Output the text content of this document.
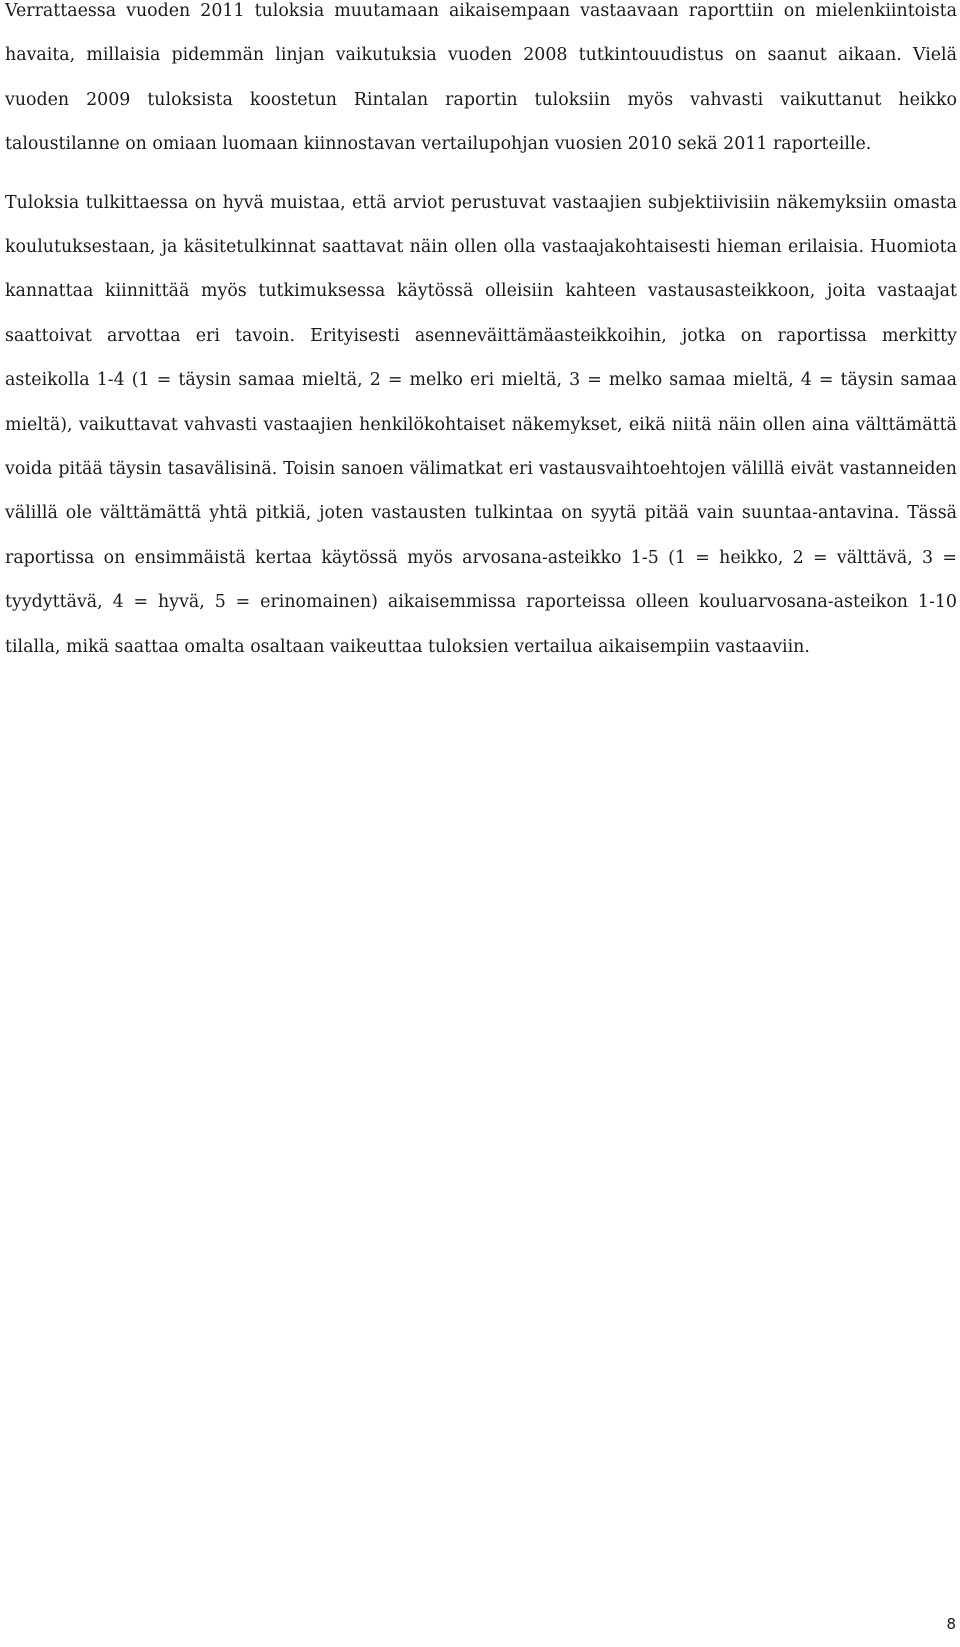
Verrattaessa vuoden 2011 tuloksia muutamaan aikaisempaan vastaavaan raporttiin on mielenkiintoista havaita, millaisia pidemmän linjan vaikutuksia vuoden 2008 tutkintouudistus on saanut aikaan. Vielä vuoden 2009 tuloksista koostetun Rintalan raportin tuloksiin myös vahvasti vaikuttanut heikko taloustilanne on omiaan luomaan kiinnostavan vertailupohjan vuosien 2010 sekä 2011 raporteille.

Tuloksia tulkittaessa on hyvä muistaa, että arviot perustuvat vastaajien subjektiivisiin näkemyksiin omasta koulutuksestaan, ja käsitetulkinnat saattavat näin ollen olla vastaajakohtaisesti hieman erilaisia. Huomiota kannattaa kiinnittää myös tutkimuksessa käytössä olleisiin kahteen vastausasteikkoon, joita vastaajat saattoivat arvottaa eri tavoin. Erityisesti asenneväittämäasteikkoihin, jotka on raportissa merkitty asteikolla 1-4 (1 = täysin samaa mieltä, 2 = melko eri mieltä, 3 = melko samaa mieltä, 4 = täysin samaa mieltä), vaikuttavat vahvasti vastaajien henkilökohtaiset näkemykset, eikä niitä näin ollen aina välttämättä voida pitää täysin tasavälisinä. Toisin sanoen välimatkat eri vastausvaihtoehtojen välillä eivät vastanneiden välillä ole välttämättä yhtä pitkiä, joten vastausten tulkintaa on syytä pitää vain suuntaa-antavina. Tässä raportissa on ensimmäistä kertaa käytössä myös arvosana-asteikko 1-5 (1 = heikko, 2 = välttävä, 3 = tyydyttävä, 4 = hyvä, 5 = erinomainen) aikaisemmissa raporteissa olleen kouluarvosana-asteikon 1-10 tilalla, mikä saattaa omalta osaltaan vaikeuttaa tuloksien vertailua aikaisempiin vastaaviin.

8
